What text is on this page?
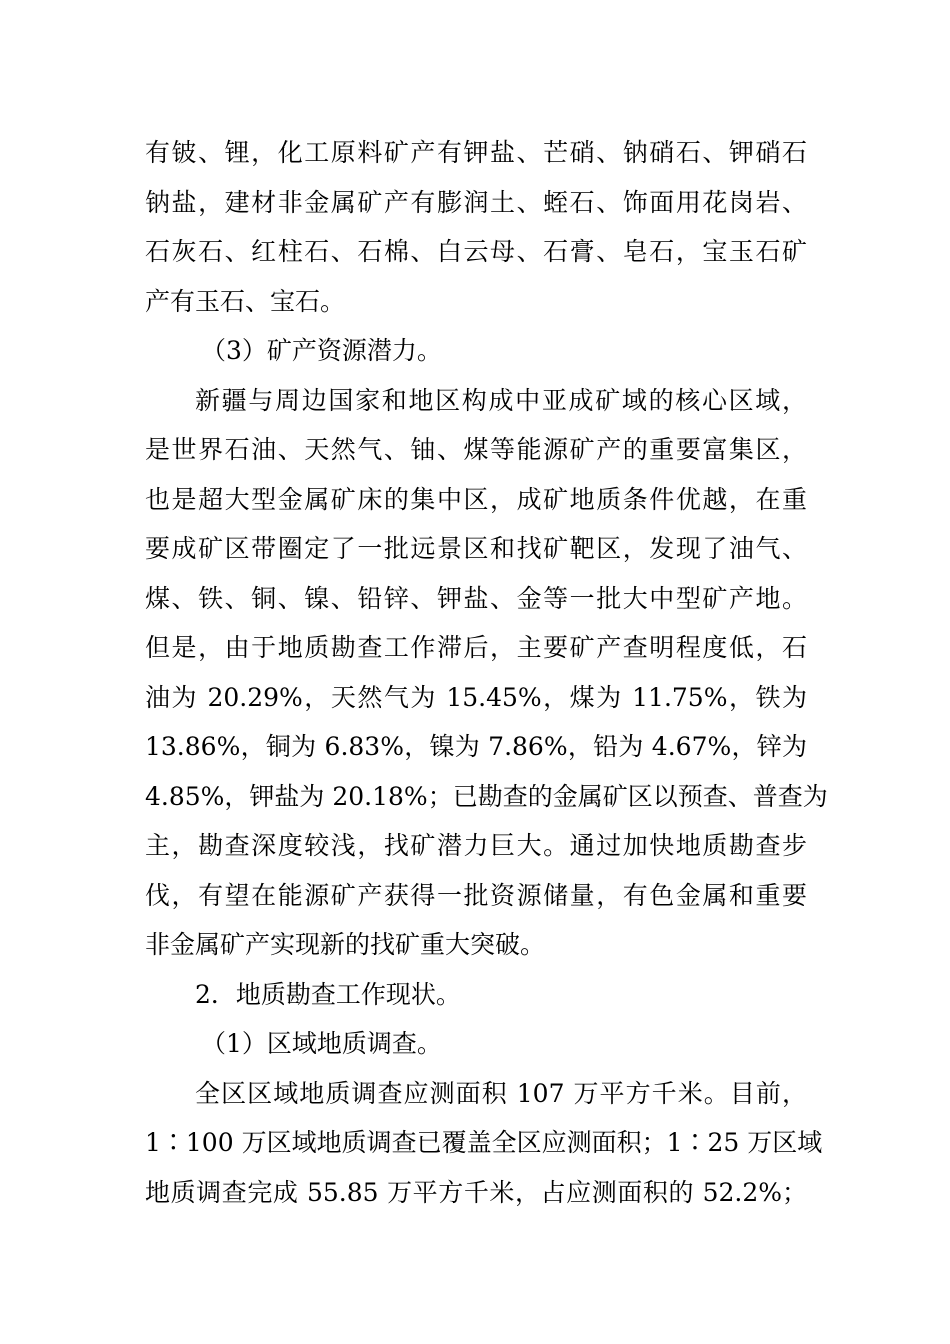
有铍、锂，化工原料矿产有钾盐、芒硝、钠硝石、钾硝石
钠盐，建材非金属矿产有膨润土、蛭石、饰面用花岗岩、
石灰石、红柱石、石棉、白云母、石膏、皂石，宝玉石矿
产有玉石、宝石。
（3）矿产资源潜力。
新疆与周边国家和地区构成中亚成矿域的核心区域，
是世界石油、天然气、铀、煤等能源矿产的重要富集区，
也是超大型金属矿床的集中区，成矿地质条件优越，在重
要成矿区带圈定了一批远景区和找矿靶区，发现了油气、
煤、铁、铜、镍、铅锌、钾盐、金等一批大中型矿产地。
但是，由于地质勘查工作滞后，主要矿产查明程度低，石
油为 20.29%，天然气为 15.45%，煤为 11.75%，铁为
13.86%，铜为 6.83%，镍为 7.86%，铅为 4.67%，锌为
4.85%，钾盐为 20.18%；已勘查的金属矿区以预查、普查为
主，勘查深度较浅，找矿潜力巨大。通过加快地质勘查步
伐，有望在能源矿产获得一批资源储量，有色金属和重要
非金属矿产实现新的找矿重大突破。
2．地质勘查工作现状。
（1）区域地质调查。
全区区域地质调查应测面积 107 万平方千米。目前，
1∶100 万区域地质调查已覆盖全区应测面积；1∶25 万区域
地质调查完成 55.85 万平方千米，占应测面积的 52.2%；
